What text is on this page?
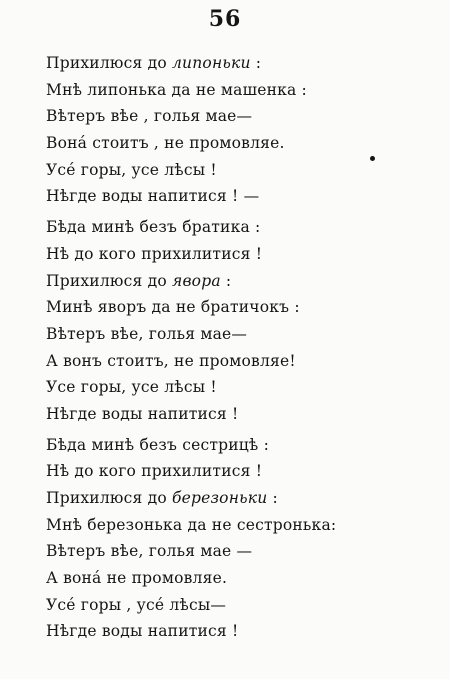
56
Прихилюся до липоньки :
Мнѣ липонька да не машенка :
Вѣтеръ вѣе , голья мае—
Вона́ стоитъ , не промовляе.
Усе́ горы, усе лѣсы !
Нѣгде воды напитися ! —
Бѣда минѣ безъ братика :
Нѣ до кого прихилитися !
Прихилюся до явора :
Минѣ яворъ да не братичокъ :
Вѣтеръ вѣе, голья мае—
А вонъ стоитъ, не промовляе!
Усе горы, усе лѣсы !
Нѣгде воды напитися !
Бѣда минѣ безъ сестрицѣ :
Нѣ до кого прихилитися !
Прихилюся до березоньки :
Мнѣ березонька да не сестронька:
Вѣтеръ вѣе, голья мае —
А вона́ не промовляе.
Усе́ горы , усе́ лѣсы—
Нѣгде воды напитися !
